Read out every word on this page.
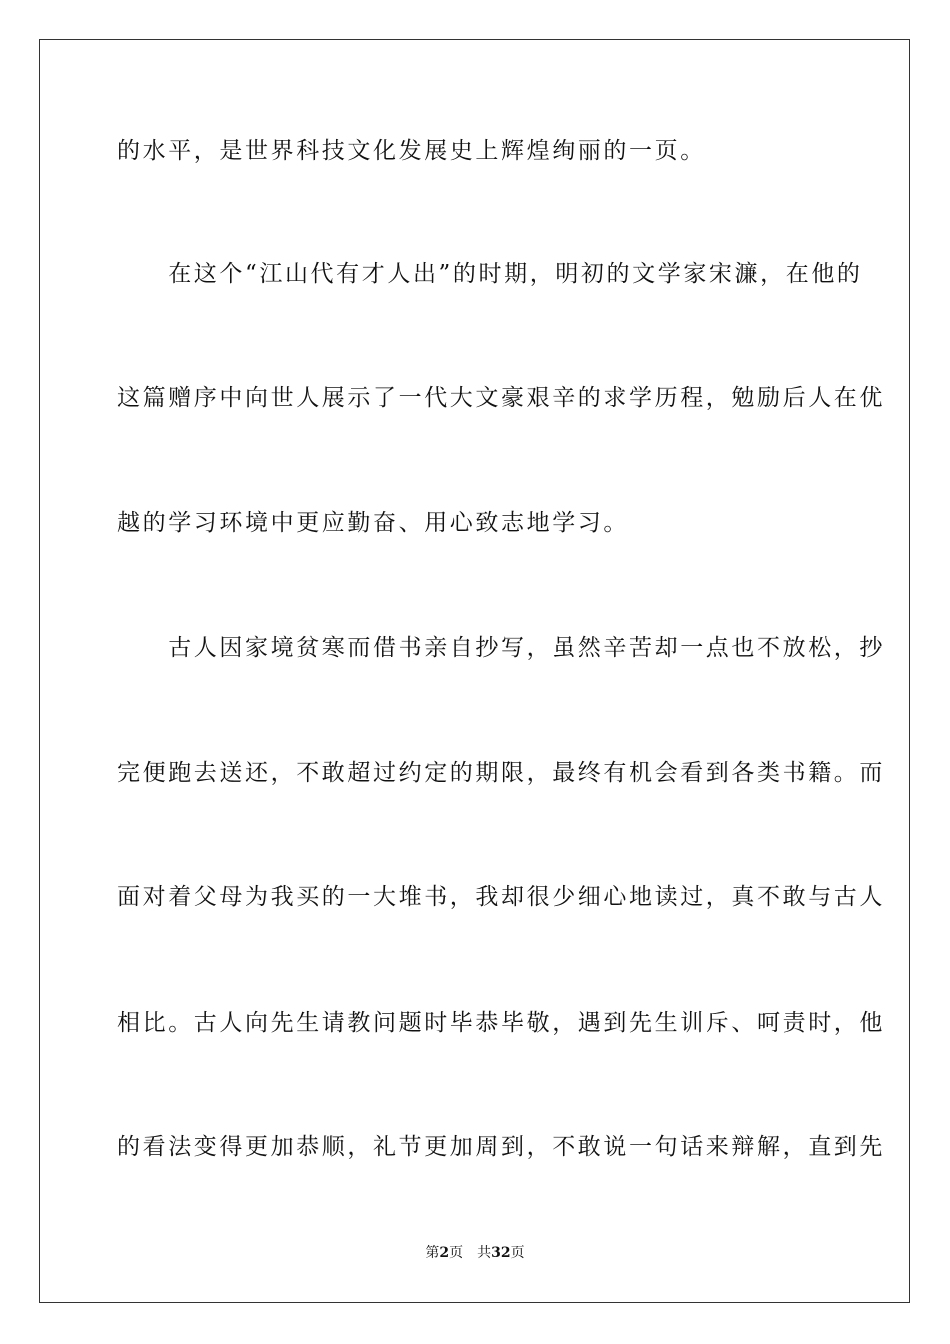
的水平，是世界科技文化发展史上辉煌绚丽的一页。
　　在这个“江山代有才人出”的时期，明初的文学家宋濂，在他的
这篇赠序中向世人展示了一代大文豪艰辛的求学历程，勉励后人在优
越的学习环境中更应勤奋、用心致志地学习。
　　古人因家境贫寒而借书亲自抄写，虽然辛苦却一点也不放松，抄
完便跑去送还，不敢超过约定的期限，最终有机会看到各类书籍。而
面对着父母为我买的一大堆书，我却很少细心地读过，真不敢与古人
相比。古人向先生请教问题时毕恭毕敬，遇到先生训斥、呵责时，他
的看法变得更加恭顺，礼节更加周到，不敢说一句话来辩解，直到先
第2页　 共32页
